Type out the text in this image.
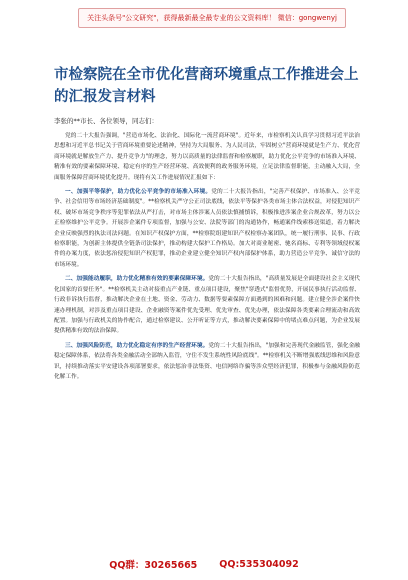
关注头条号"公文研究"，获得最新最全最专业的公文资料库！ 微信：gongwenyj
市检察院在全市优化营商环境重点工作推进会上的汇报发言材料

李张的**市长、各位领导，同志们：

党的二十大报告强调，"营造市场化、法治化、国际化一流营商环境"。近年来，市检察机关认真学习贯彻习近平法治思想和习近平总书记关于营商环境重要论述精神，坚持为大局服务、为人民司法，牢固树立"营商环境就是生产力、优化营商环境就是解放生产力、提升竞争力"的理念，努力以高质量的法律监督和检察履职，助力优化公平竞争的市场准入环境、精准有效的要素保障环境、稳定有序的生产经营环境、高效便利的政务服务环境，立足法律监督职能，主动融入大局，全面服务保障营商环境优化提升。现将有关工作进展情况汇报如下：

一、加强平等保护，助力优化公平竞争的市场准入环境。党的二十大报告指出，"完善产权保护、市场准入、公平竞争、社会信用等市场经济基础制度"。**检察机关严守公正司法底线，依法平等保护各类市场主体合法权益，对侵犯知识产权、破坏市场竞争秩序等犯罪依法从严打击，对市场主体涉案人员依法慎捕慎诉，积极推进涉案企业合规改革，努力以公正检察维护公平竞争。开展涉企案件专项监督，加强与公安、法院等部门的沟通协作，畅通案件线索移送渠道，着力解决企业反映强烈的执法司法问题。在知识产权保护方面，**检察院组建知识产权检察办案团队，统一履行刑事、民事、行政检察职能，为创新主体提供全链条司法保护，推动构建大保护工作格局。加大对商业秘密、驰名商标、专利等领域侵权案件的办案力度，依法惩治侵犯知识产权犯罪，推动企业建立健全知识产权内部保护体系，助力营造公平竞争、诚信守法的市场环境。

二、加强能动履职，助力优化精准有效的要素保障环境。党的二十大报告指出，"高质量发展是全面建设社会主义现代化国家的首要任务"。**检察机关主动对接重点产业链、重点项目建设，聚焦"穿透式"监督优势，开展民事执行活动监督、行政非诉执行监督，推动解决企业在土地、资金、劳动力、数据等要素保障方面遇到的困难和问题。建立健全涉企案件快速办理机制，对涉及重点项目建设、企业融资等案件优先受理、优先审查、优先办理，依法保障各类要素合理流动和高效配置。加强与行政机关的协作配合，通过检察建议、公开听证等方式，推动解决要素保障中的堵点难点问题，为企业发展提供精准有效的法治保障。

三、加强风险防范，助力优化稳定有序的生产经营环境。党的二十大报告指出，"加强和完善现代金融监管，强化金融稳定保障体系，依法将各类金融活动全部纳入监管，守住不发生系统性风险底线"。**检察机关不断增强底线思维和风险意识，持续推动落实平安建设各项部署要求，依法惩治非法集资、电信网络诈骗等涉众型经济犯罪，积极参与金融风险防范化解工作。

QQ群：30265665 QQ:535304092
